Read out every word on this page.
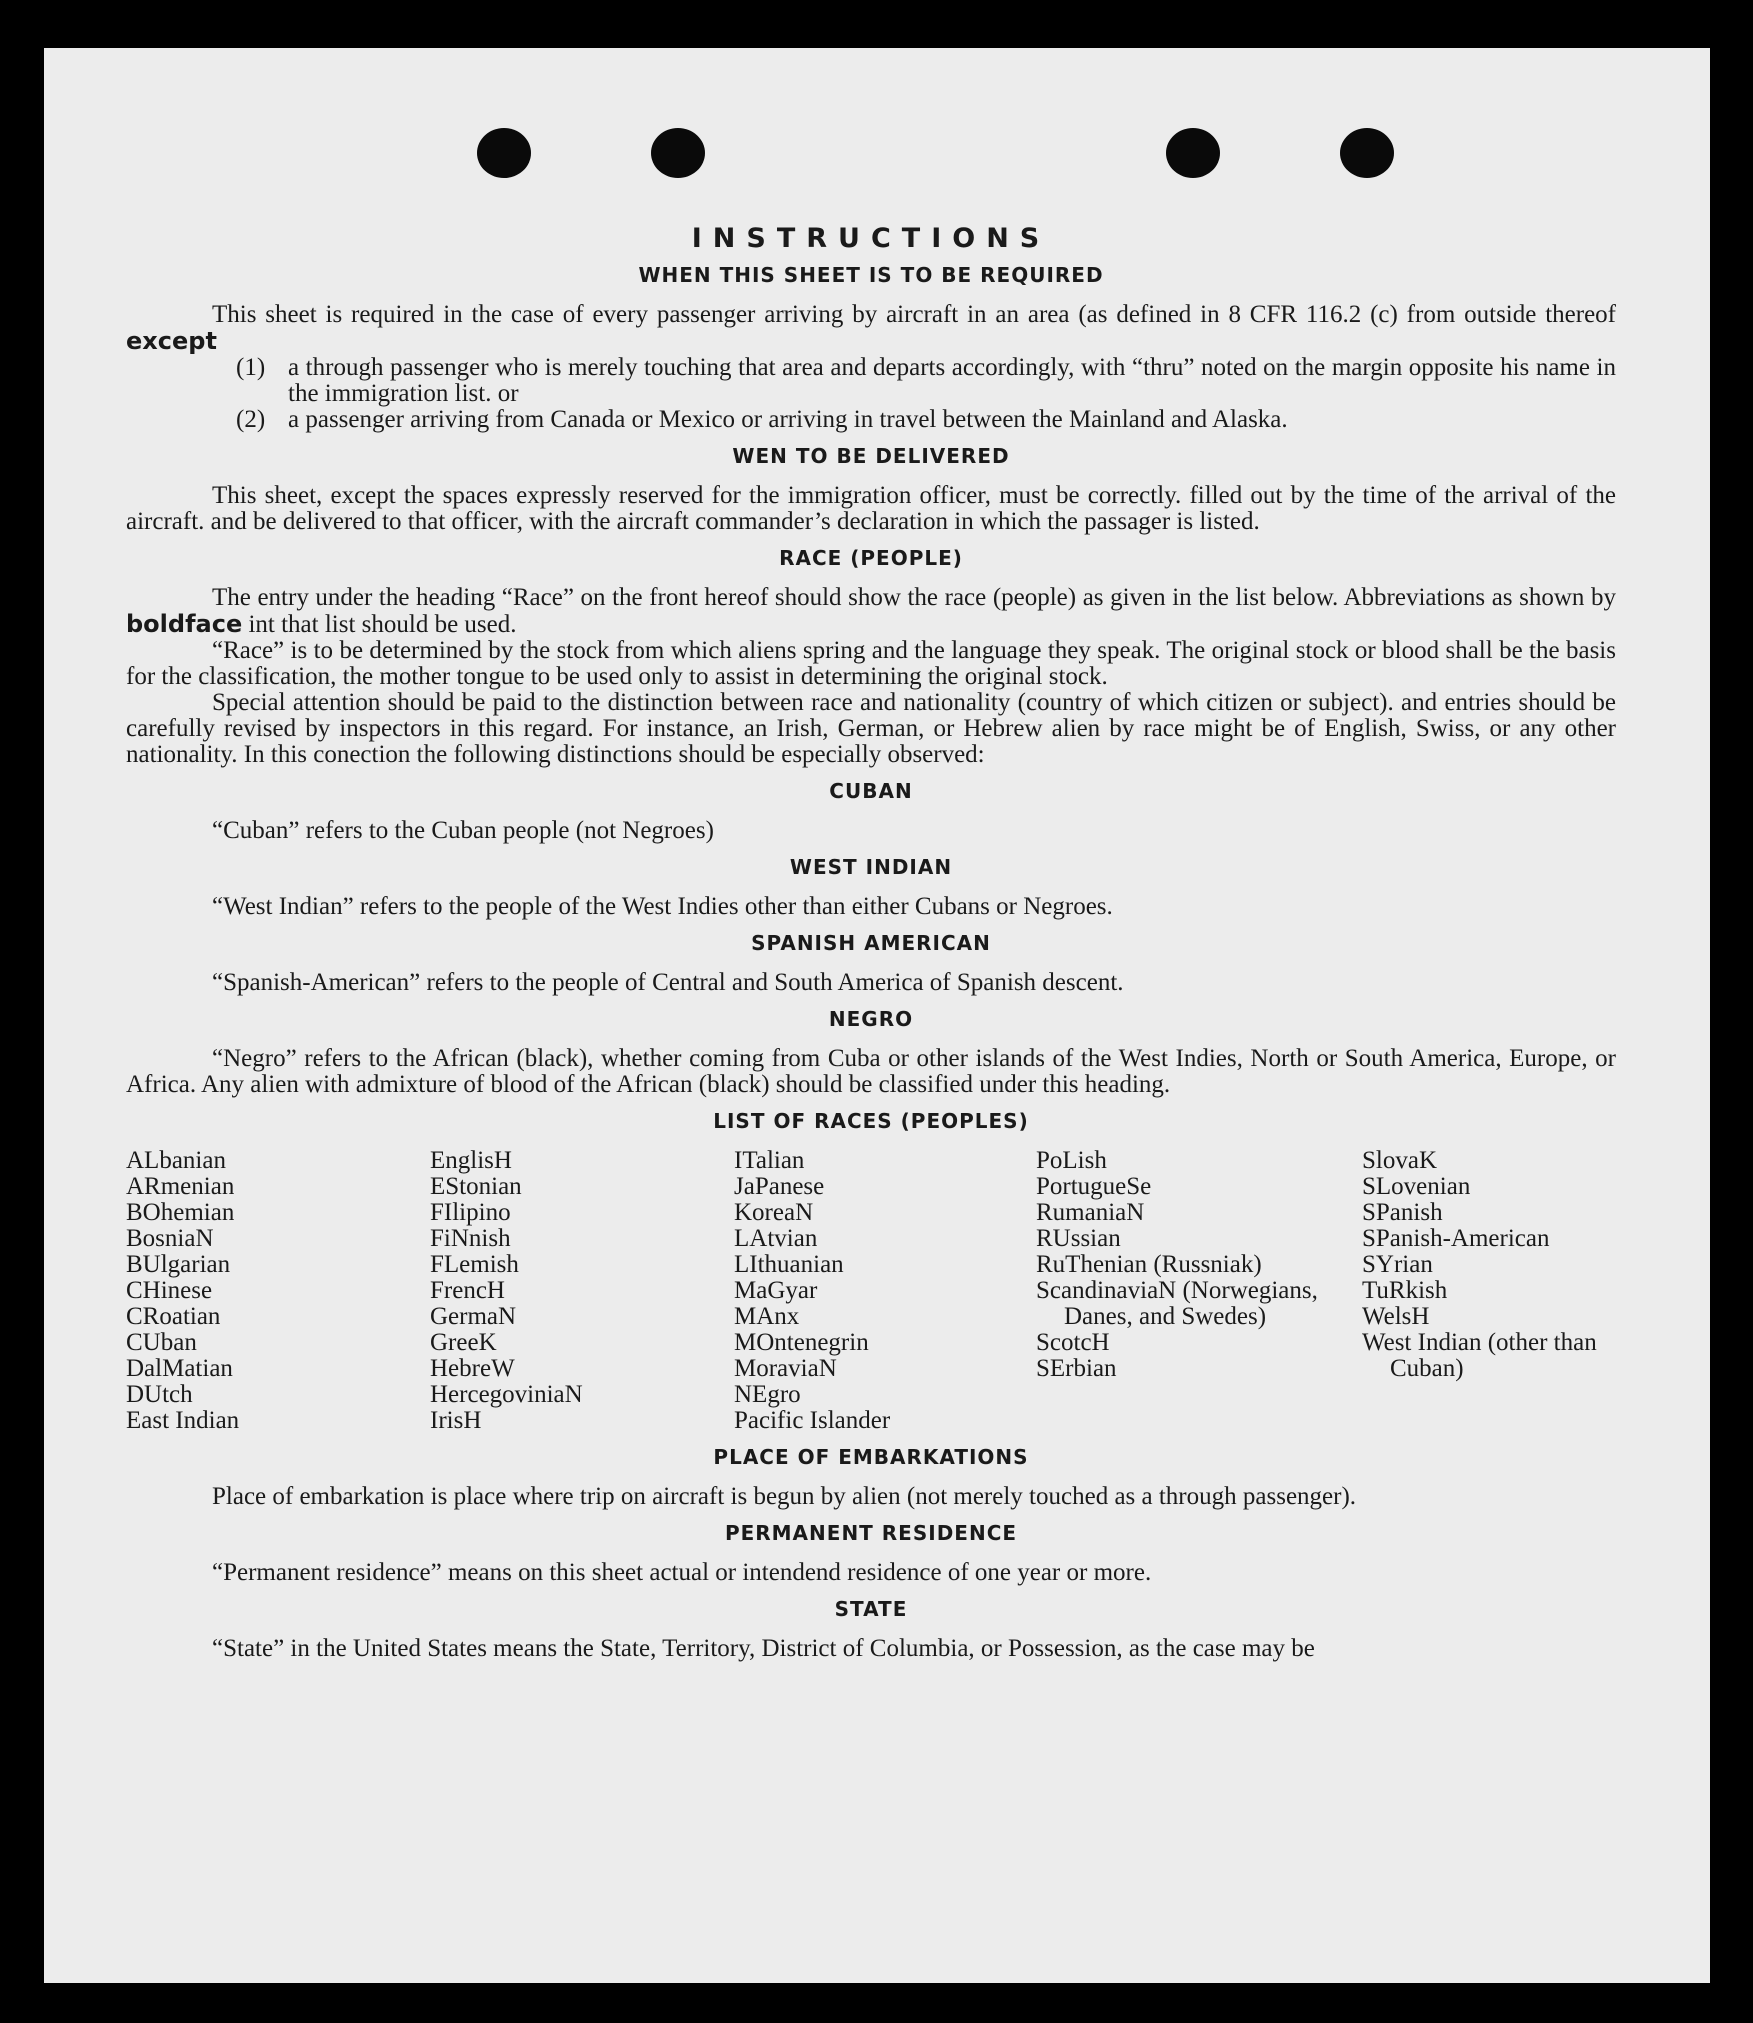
INSTRUCTIONS
WHEN THIS SHEET IS TO BE REQUIRED

This sheet is required in the case of every passenger arriving by aircraft in an area (as defined in 8 CFR 116.2 (c) from outside thereof except

(1) a through passenger who is merely touching that area and departs accordingly, with “thru” noted on the margin opposite his name in the immigration list. or
(2) a passenger arriving from Canada or Mexico or arriving in travel between the Mainland and Alaska.
WEN TO BE DELIVERED

This sheet, except the spaces expressly reserved for the immigration officer, must be correctly. filled out by the time of the arrival of the aircraft. and be delivered to that officer, with the aircraft commander’s declaration in which the passager is listed.

RACE (PEOPLE)

The entry under the heading “Race” on the front hereof should show the race (people) as given in the list below. Abbreviations as shown by boldface int that list should be used.

“Race” is to be determined by the stock from which aliens spring and the language they speak. The original stock or blood shall be the basis for the classification, the mother tongue to be used only to assist in determining the original stock.

Special attention should be paid to the distinction between race and nationality (country of which citizen or subject). and entries should be carefully revised by inspectors in this regard. For instance, an Irish, German, or Hebrew alien by race might be of English, Swiss, or any other nationality. In this conection the following distinctions should be especially observed:

CUBAN

“Cuban” refers to the Cuban people (not Negroes)

WEST INDIAN

“West Indian” refers to the people of the West Indies other than either Cubans or Negroes.

SPANISH AMERICAN

“Spanish-American” refers to the people of Central and South America of Spanish descent.

NEGRO

“Negro” refers to the African (black), whether coming from Cuba or other islands of the West Indies, North or South America, Europe, or Africa. Any alien with admixture of blood of the African (black) should be classified under this heading.

LIST OF RACES (PEOPLES)
ALbanian
ARmenian
BOhemian
BosniaN
BUlgarian
CHinese
CRoatian
CUban
DalMatian
DUtch
East Indian
EnglisH
EStonian
FIlipino
FiNnish
FLemish
FrencH
GermaN
GreeK
HebreW
HercegoviniaN
IrisH
ITalian
JaPanese
KoreaN
LAtvian
LIthuanian
MaGyar
MAnx
MOntenegrin
MoraviaN
NEgro
Pacific Islander
PoLish
PortugueSe
RumaniaN
RUssian
RuThenian (Russniak)
ScandinaviaN (Norwegians, Danes, and Swedes)
ScotcH
SErbian
SlovaK
SLovenian
SPanish
SPanish-American
SYrian
TuRkish
WelsH
West Indian (other than Cuban)
PLACE OF EMBARKATIONS

Place of embarkation is place where trip on aircraft is begun by alien (not merely touched as a through passenger).

PERMANENT RESIDENCE

“Permanent residence” means on this sheet actual or intendend residence of one year or more.

STATE

“State” in the United States means the State, Territory, District of Columbia, or Possession, as the case may be
